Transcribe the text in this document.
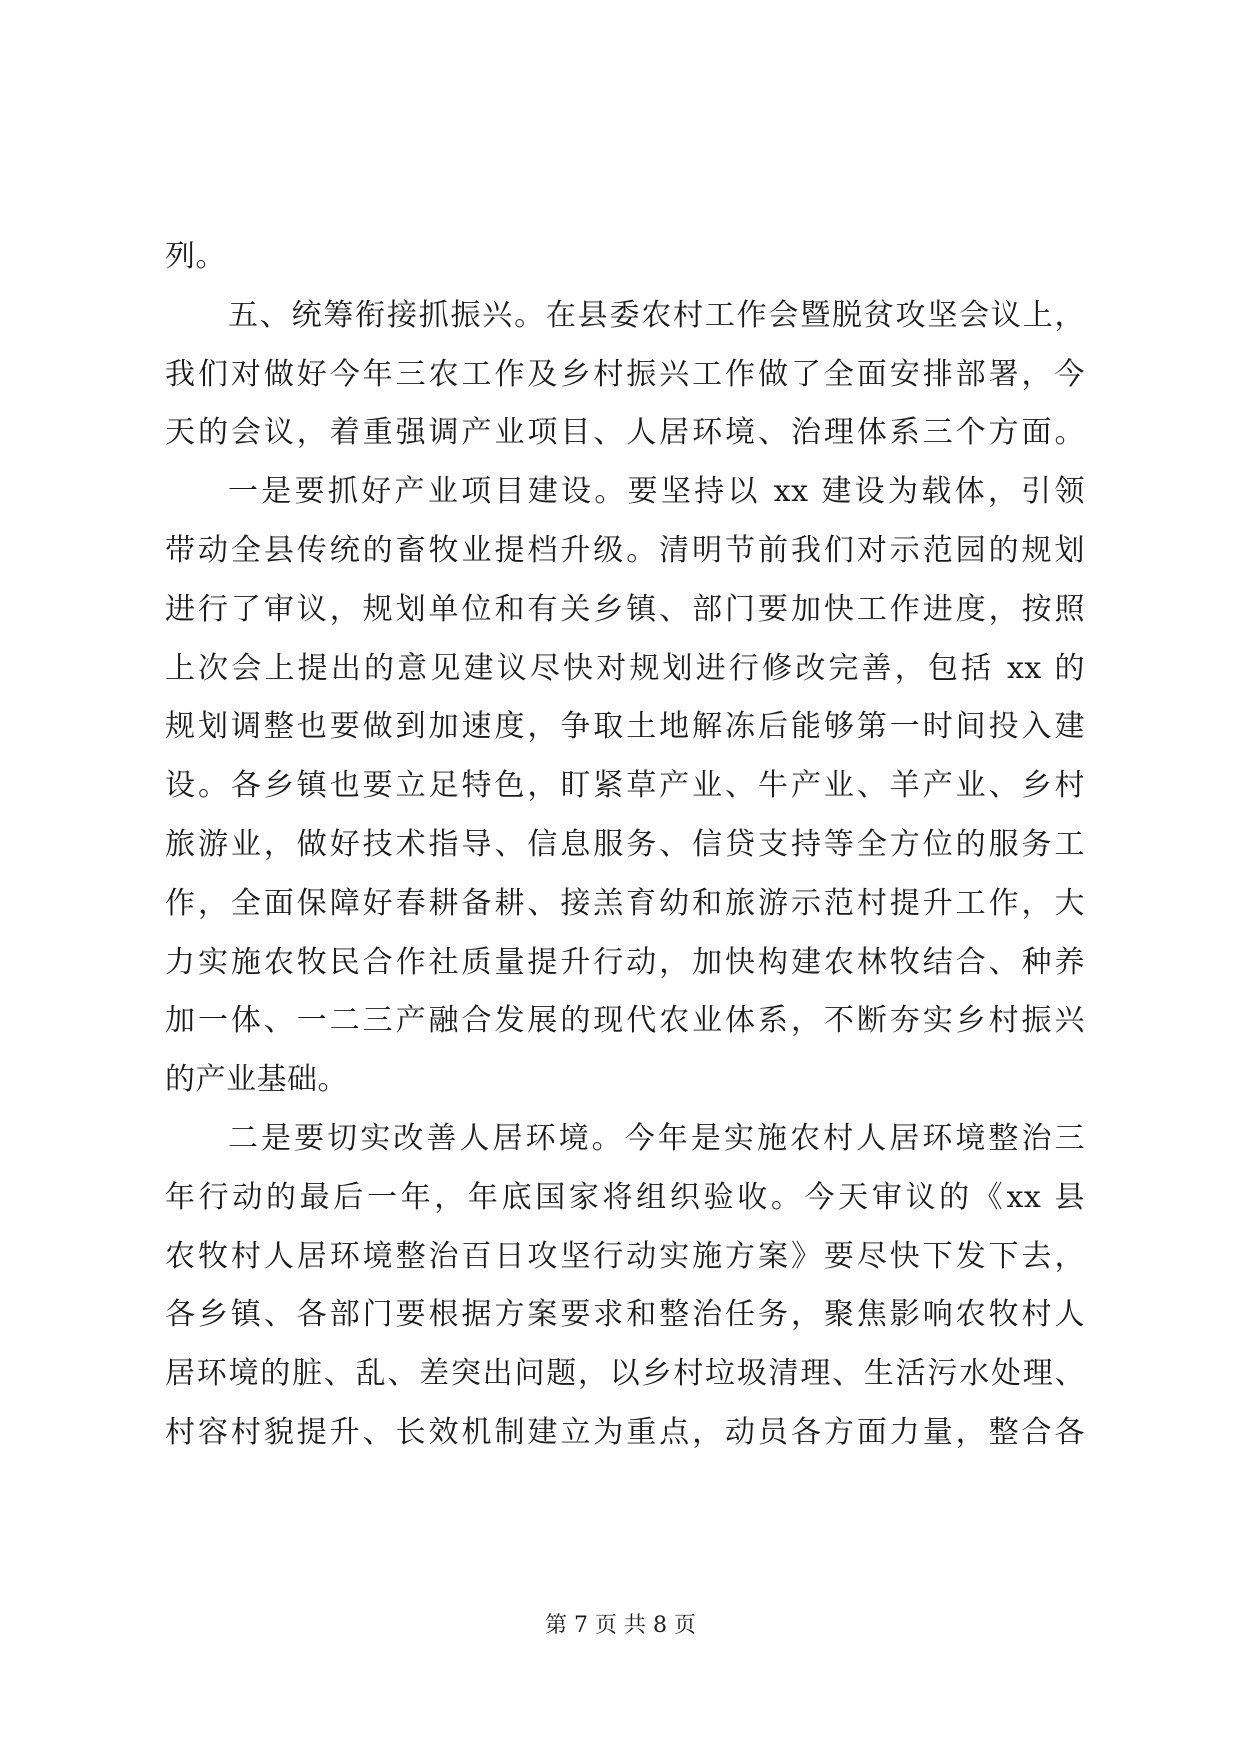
列。
五、统筹衔接抓振兴。在县委农村工作会暨脱贫攻坚会议上，
我们对做好今年三农工作及乡村振兴工作做了全面安排部署，今
天的会议，着重强调产业项目、人居环境、治理体系三个方面。
一是要抓好产业项目建设。要坚持以 xx 建设为载体，引领
带动全县传统的畜牧业提档升级。清明节前我们对示范园的规划
进行了审议，规划单位和有关乡镇、部门要加快工作进度，按照
上次会上提出的意见建议尽快对规划进行修改完善，包括 xx 的
规划调整也要做到加速度，争取土地解冻后能够第一时间投入建
设。各乡镇也要立足特色，盯紧草产业、牛产业、羊产业、乡村
旅游业，做好技术指导、信息服务、信贷支持等全方位的服务工
作，全面保障好春耕备耕、接羔育幼和旅游示范村提升工作，大
力实施农牧民合作社质量提升行动，加快构建农林牧结合、种养
加一体、一二三产融合发展的现代农业体系，不断夯实乡村振兴
的产业基础。
二是要切实改善人居环境。今年是实施农村人居环境整治三
年行动的最后一年，年底国家将组织验收。今天审议的《xx 县
农牧村人居环境整治百日攻坚行动实施方案》要尽快下发下去，
各乡镇、各部门要根据方案要求和整治任务，聚焦影响农牧村人
居环境的脏、乱、差突出问题，以乡村垃圾清理、生活污水处理、
村容村貌提升、长效机制建立为重点，动员各方面力量，整合各
第 7 页 共 8 页
